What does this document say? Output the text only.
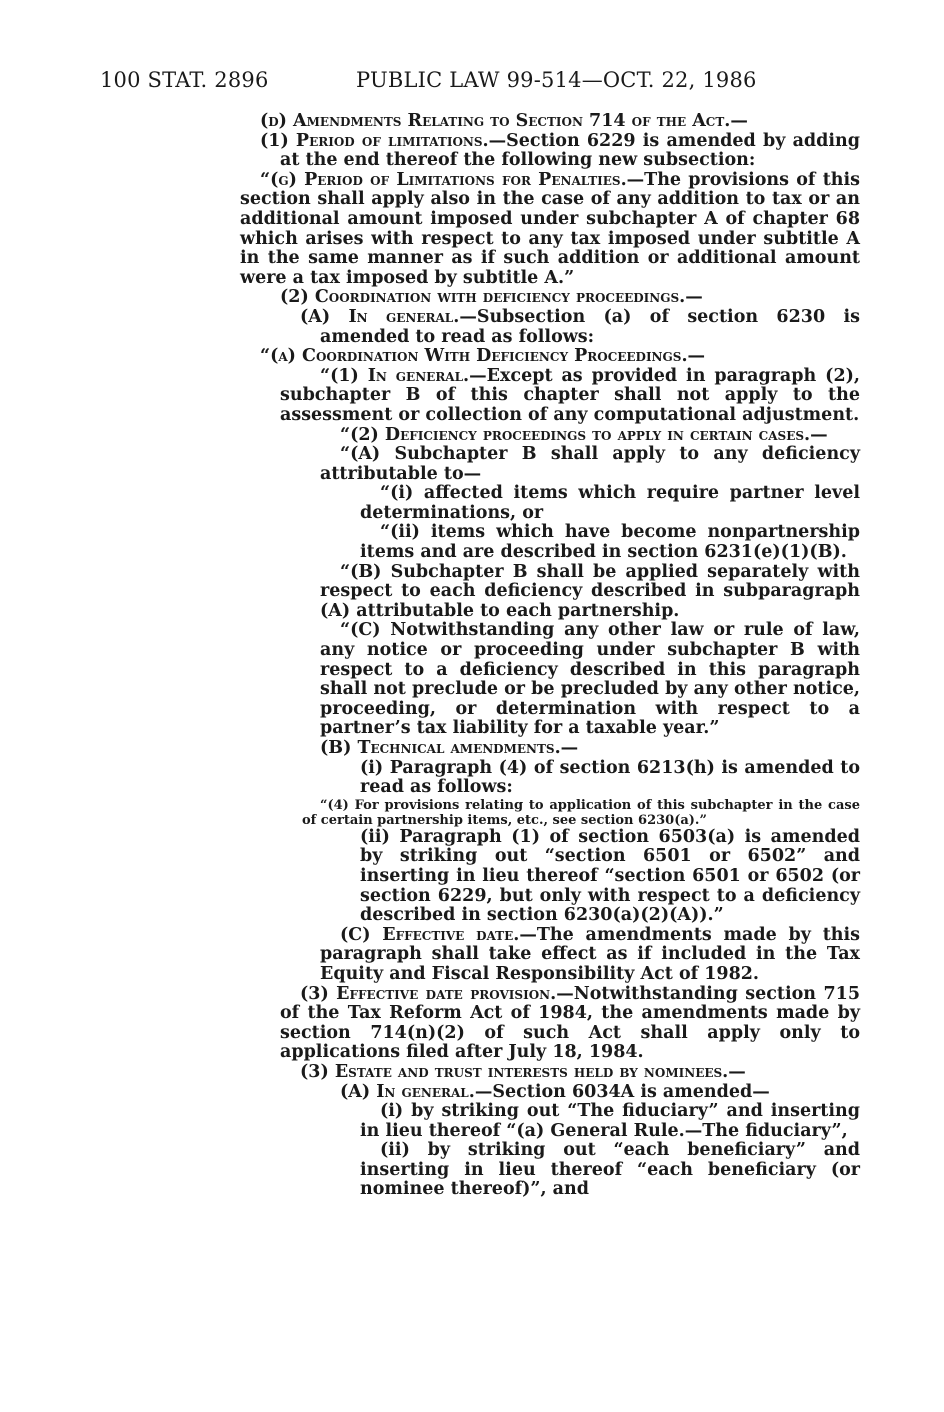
100 STAT. 2896	PUBLIC LAW 99-514—OCT. 22, 1986

(d) Amendments Relating to Section 714 of the Act.—

(1) Period of limitations.—Section 6229 is amended by adding at the end thereof the following new subsection:

“(g) Period of Limitations for Penalties.—The provisions of this section shall apply also in the case of any addition to tax or an additional amount imposed under subchapter A of chapter 68 which arises with respect to any tax imposed under subtitle A in the same manner as if such addition or additional amount were a tax imposed by subtitle A.”

(2) Coordination with deficiency proceedings.—

(A) In general.—Subsection (a) of section 6230 is amended to read as follows:

“(a) Coordination With Deficiency Proceedings.—

“(1) In general.—Except as provided in paragraph (2), subchapter B of this chapter shall not apply to the assessment or collection of any computational adjustment.

“(2) Deficiency proceedings to apply in certain cases.—

“(A) Subchapter B shall apply to any deficiency attributable to—

“(i) affected items which require partner level determinations, or

“(ii) items which have become nonpartnership items and are described in section 6231(e)(1)(B).

“(B) Subchapter B shall be applied separately with respect to each deficiency described in subparagraph (A) attributable to each partnership.

“(C) Notwithstanding any other law or rule of law, any notice or proceeding under subchapter B with respect to a deficiency described in this paragraph shall not preclude or be precluded by any other notice, proceeding, or determination with respect to a partner’s tax liability for a taxable year.”

(B) Technical amendments.—

(i) Paragraph (4) of section 6213(h) is amended to read as follows:

“(4) For provisions relating to application of this subchapter in the case of certain partnership items, etc., see section 6230(a).”

(ii) Paragraph (1) of section 6503(a) is amended by striking out “section 6501 or 6502” and inserting in lieu thereof “section 6501 or 6502 (or section 6229, but only with respect to a deficiency described in section 6230(a)(2)(A)).”

(C) Effective date.—The amendments made by this paragraph shall take effect as if included in the Tax Equity and Fiscal Responsibility Act of 1982.

(3) Effective date provision.—Notwithstanding section 715 of the Tax Reform Act of 1984, the amendments made by section 714(n)(2) of such Act shall apply only to applications filed after July 18, 1984.

(3) Estate and trust interests held by nominees.—

(A) In general.—Section 6034A is amended—

(i) by striking out “The fiduciary” and inserting in lieu thereof “(a) General Rule.—The fiduciary”,

(ii) by striking out “each beneficiary” and inserting in lieu thereof “each beneficiary (or nominee thereof)”, and
